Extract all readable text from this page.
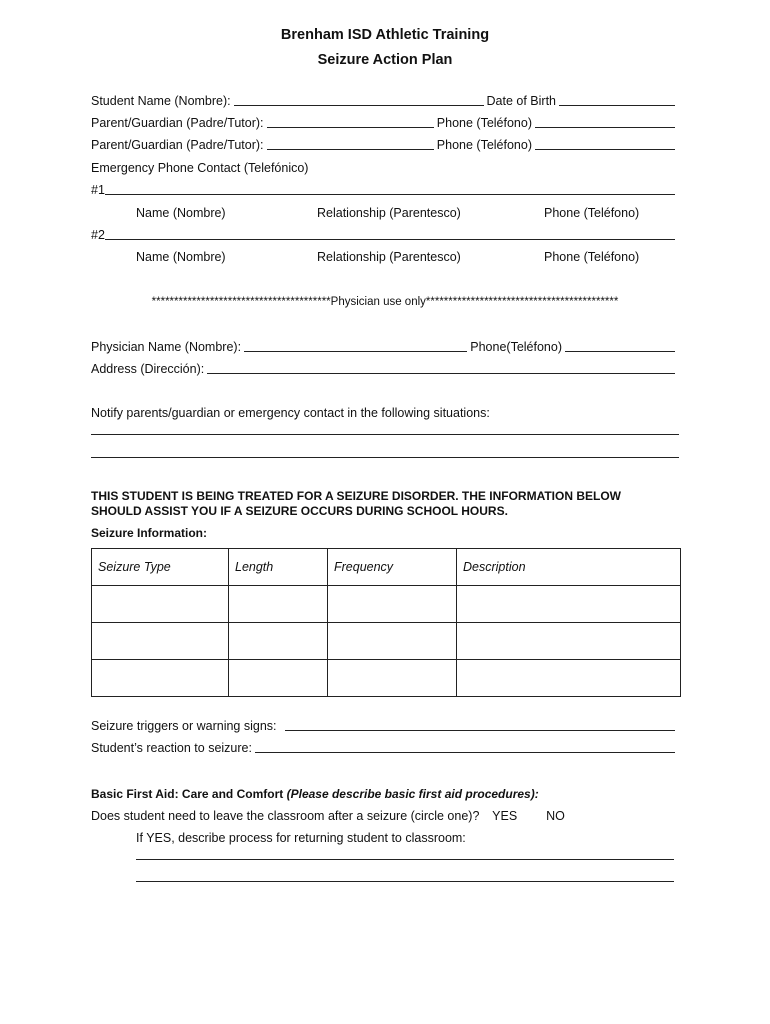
Brenham ISD Athletic Training
Seizure Action Plan
Student Name (Nombre):	Date of Birth
Parent/Guardian (Padre/Tutor):	Phone (Teléfono)
Parent/Guardian (Padre/Tutor):	Phone (Teléfono)
Emergency Phone Contact (Telefónico)
#1
Name (Nombre)	Relationship (Parentesco)	Phone (Teléfono)
#2
Name (Nombre)	Relationship (Parentesco)	Phone (Teléfono)
****************************************Physician use only*******************************************
Physician Name (Nombre):	Phone(Teléfono)
Address (Dirección):
Notify parents/guardian or emergency contact in the following situations:
THIS STUDENT IS BEING TREATED FOR A SEIZURE DISORDER. THE INFORMATION BELOW
SHOULD ASSIST YOU IF A SEIZURE OCCURS DURING SCHOOL HOURS.
Seizure Information:
Seizure Type	Length	Frequency	Description

Seizure triggers or warning signs:
Student’s reaction to seizure:
Basic First Aid: Care and Comfort (Please describe basic first aid procedures):
Does student need to leave the classroom after a seizure (circle one)? YES NO
If YES, describe process for returning student to classroom:
